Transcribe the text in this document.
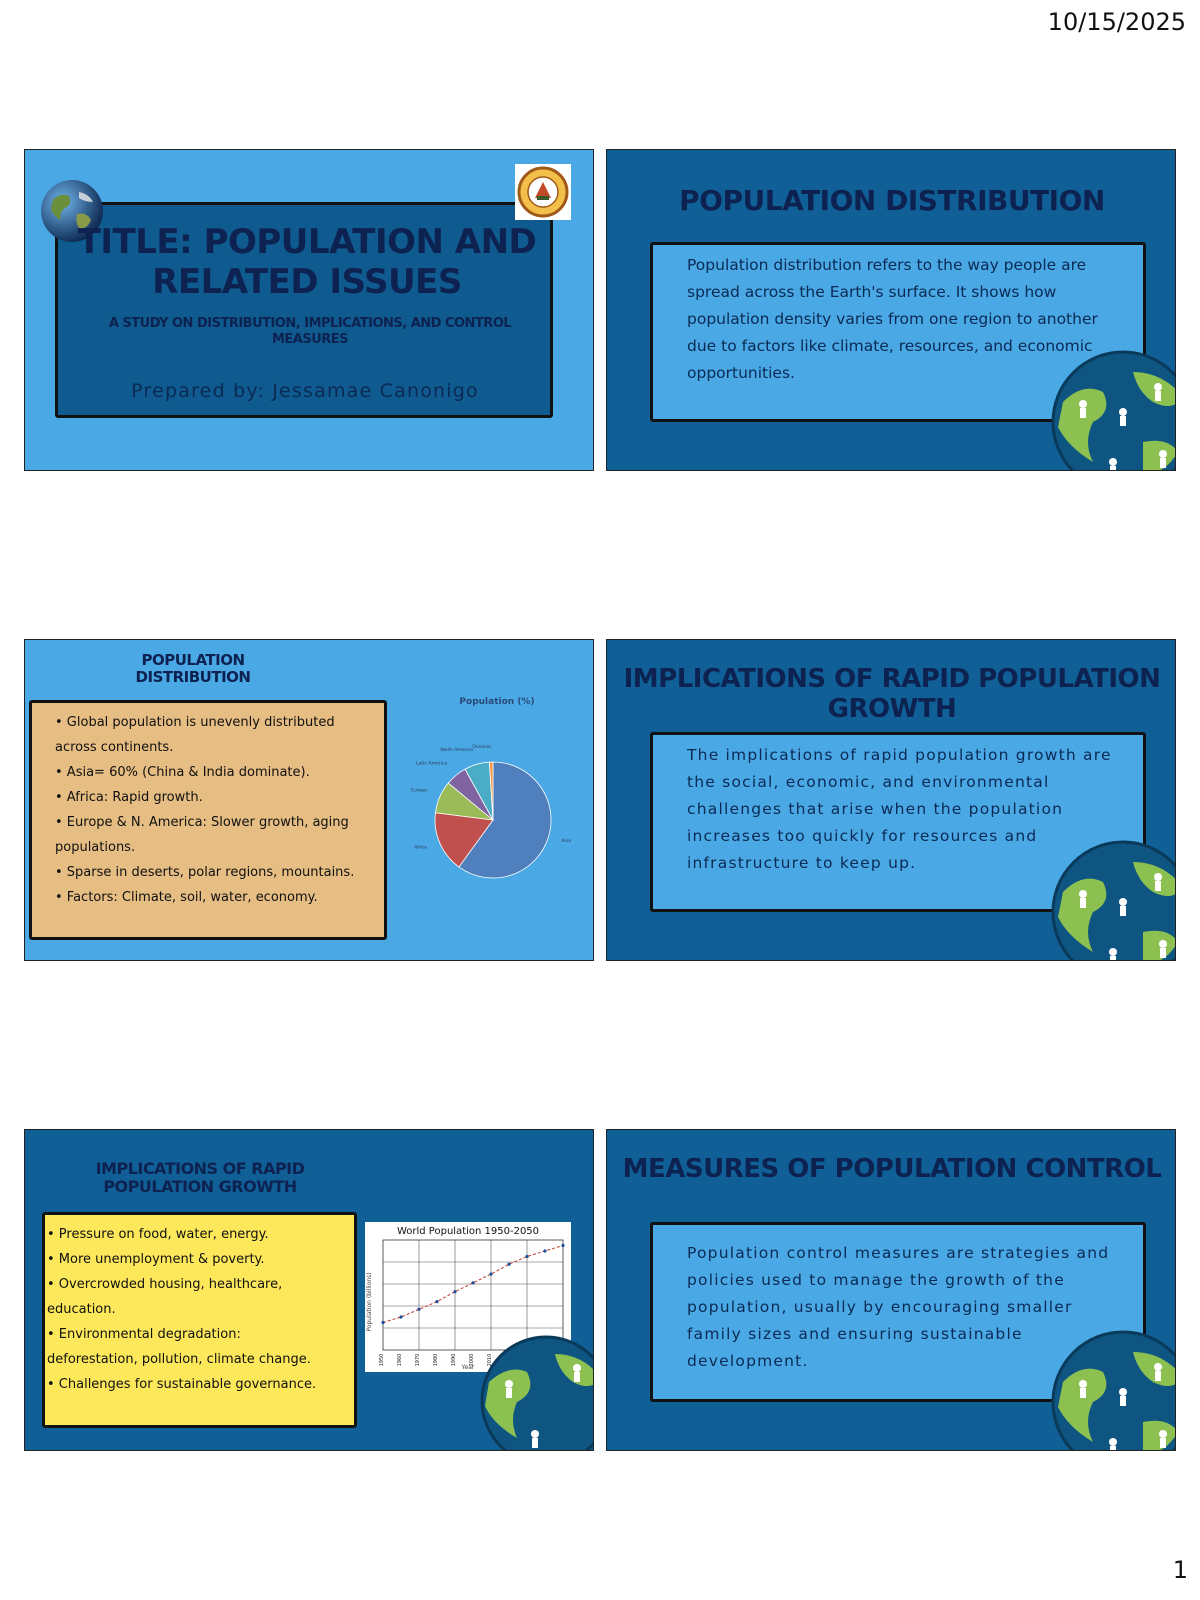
10/15/2025
TITLE: POPULATION AND RELATED ISSUES
A STUDY ON DISTRIBUTION, IMPLICATIONS, AND CONTROL MEASURES
Prepared by: Jessamae Canonigo
POPULATION DISTRIBUTION
Population distribution refers to the way people are spread across the Earth's surface. It shows how population density varies from one region to another due to factors like climate, resources, and economic opportunities.
POPULATION DISTRIBUTION
• Global population is unevenly distributed
across continents.
• Asia= 60% (China & India dominate).
• Africa: Rapid growth.
• Europe & N. America: Slower growth, aging
populations.
• Sparse in deserts, polar regions, mountains.
• Factors: Climate, soil, water, economy.
Population (%)
Asia
Africa
Europe
Latin America
North America
Oceania
IMPLICATIONS OF RAPID POPULATION GROWTH
The implications of rapid population growth are the social, economic, and environmental challenges that arise when the population increases too quickly for resources and infrastructure to keep up.
IMPLICATIONS OF RAPID POPULATION GROWTH
• Pressure on food, water, energy.
• More unemployment & poverty.
• Overcrowded housing, healthcare,
education.
• Environmental degradation:
deforestation, pollution, climate change.
• Challenges for sustainable governance.
World Population 1950-2050
Year
Population (billions)
1950 1960 1970 1980 1990 2000 2010
MEASURES OF POPULATION CONTROL
Population control measures are strategies and policies used to manage the growth of the population, usually by encouraging smaller family sizes and ensuring sustainable development.
1
